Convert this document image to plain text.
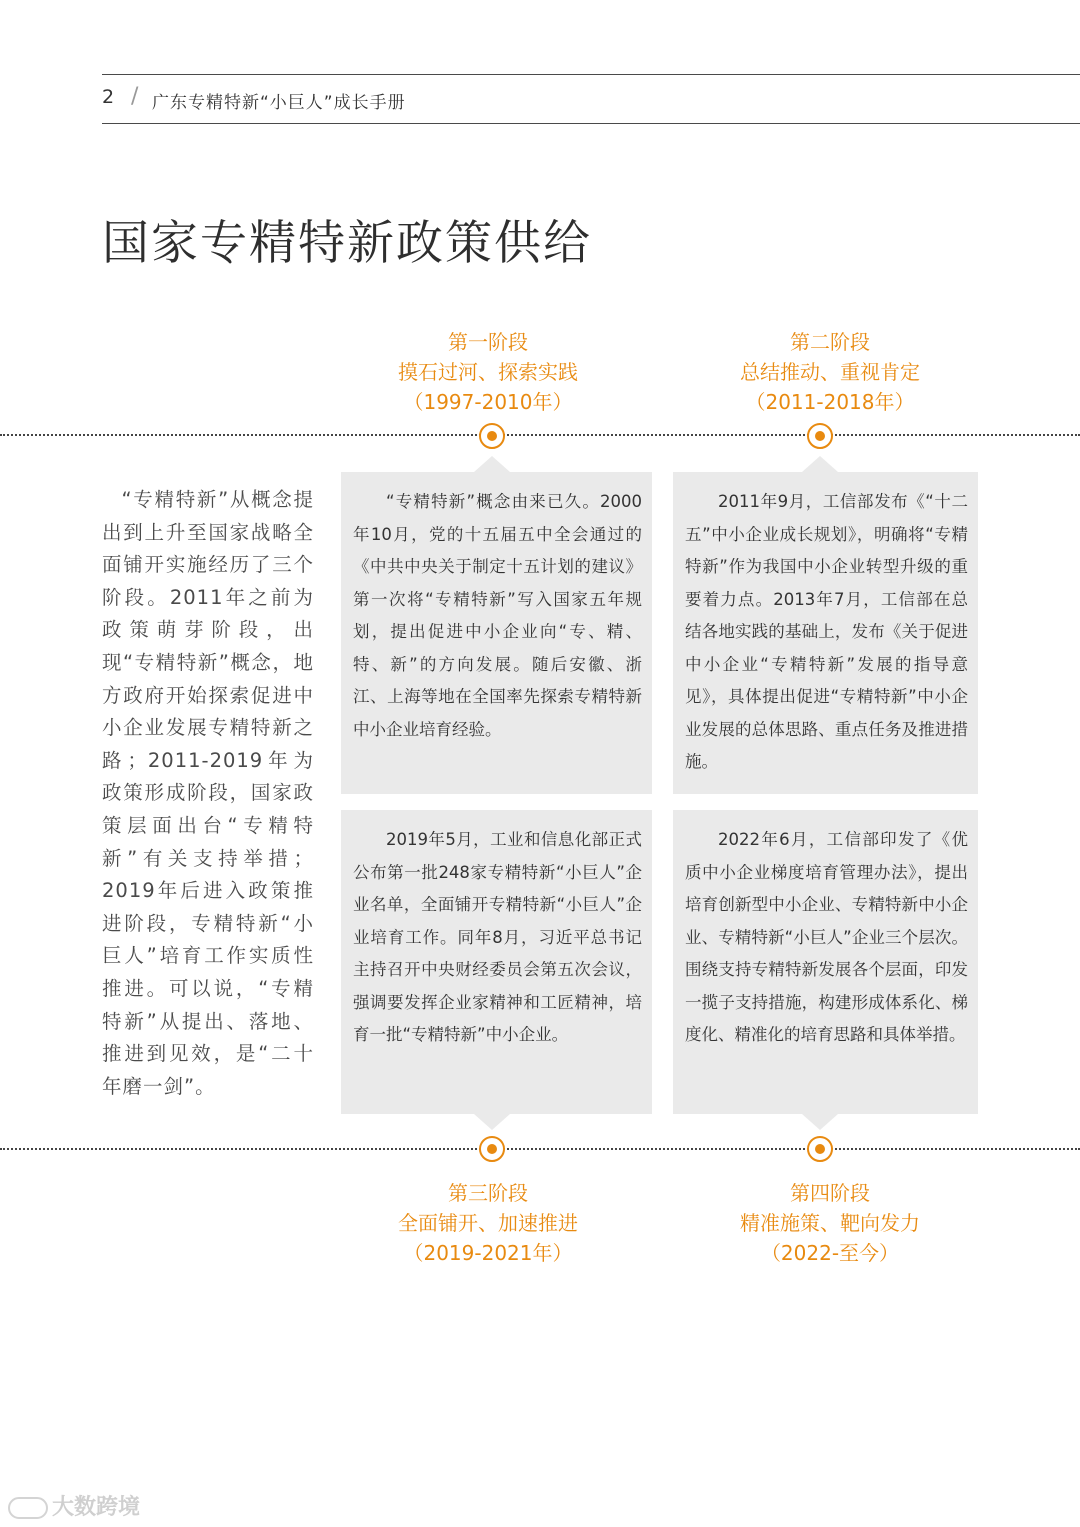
2 / 广东专精特新“小巨人”成长手册
国家专精特新政策供给
第一阶段
摸石过河、探索实践
（1997-2010年）
第二阶段
总结推动、重视肯定
（2011-2018年）

“专精特新”从概念提出到上升至国家战略全面铺开实施经历了三个阶段。2011年之前为政策萌芽阶段，出现“专精特新”概念，地方政府开始探索促进中小企业发展专精特新之路；2011-2019年为政策形成阶段，国家政策层面出台“专精特新”有关支持举措；2019年后进入政策推进阶段，专精特新“小巨人”培育工作实质性推进。可以说，“专精特新”从提出、落地、推进到见效，是“二十年磨一剑”。

“专精特新”概念由来已久。2000年10月，党的十五届五中全会通过的《中共中央关于制定十五计划的建议》第一次将“专精特新”写入国家五年规划，提出促进中小企业向“专、精、特、新”的方向发展。随后安徽、浙江、上海等地在全国率先探索专精特新中小企业培育经验。

2011年9月，工信部发布《“十二五”中小企业成长规划》，明确将“专精特新”作为我国中小企业转型升级的重要着力点。2013年7月，工信部在总结各地实践的基础上，发布《关于促进中小企业“专精特新”发展的指导意见》，具体提出促进“专精特新”中小企业发展的总体思路、重点任务及推进措施。

2019年5月，工业和信息化部正式公布第一批248家专精特新“小巨人”企业名单，全面铺开专精特新“小巨人”企业培育工作。同年8月，习近平总书记主持召开中央财经委员会第五次会议，强调要发挥企业家精神和工匠精神，培育一批“专精特新”中小企业。

2022年6月，工信部印发了《优质中小企业梯度培育管理办法》，提出培育创新型中小企业、专精特新中小企业、专精特新“小巨人”企业三个层次。围绕支持专精特新发展各个层面，印发一揽子支持措施，构建形成体系化、梯度化、精准化的培育思路和具体举措。

第三阶段
全面铺开、加速推进
（2019-2021年）
第四阶段
精准施策、靶向发力
（2022-至今）
大数跨境
